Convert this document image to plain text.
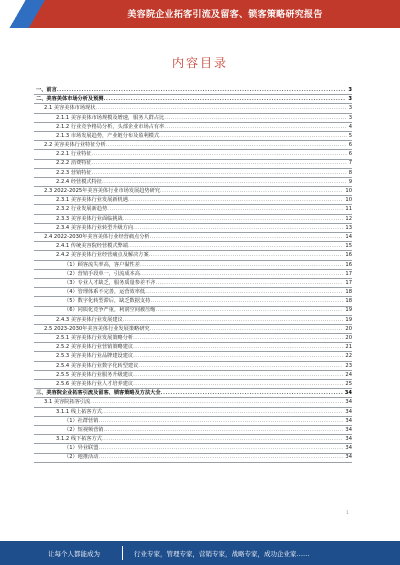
美容院企业拓客引流及留客、锁客策略研究报告
内容目录
一、前言 .....	3
二、美容美体市场分析及预测 .....	3
2.1 美容美体市场现状 .....	3
2.1.1 美容美体市场规模及增速，服务人群占比 .....	3
2.1.2 行业竞争格局分析，头部企业市场占有率 .....	4
2.1.3 市场发展趋势，产业链分布及盈利模式 .....	5
2.2 美容美体行业特征分析 .....	6
2.2.1 行业特征 .....	6
2.2.2 消费特征 .....	7
2.2.3 营销特征 .....	8
2.2.4 经营模式特征 .....	9
2.3 2022-2025年美容美体行业市场发展趋势研究 .....	10
2.3.1 美容美体行业发展新机遇 .....	10
2.3.2 行业发展新趋势 .....	11
2.3.3 美容美体行业面临挑战 .....	12
2.3.4 美容美体行业转型升级方向 .....	13
2.4 2022-2030年美容美体行业经营痛点分析 .....	14
2.4.1 传统美容院经营模式弊端 .....	15
2.4.2 美容美体行业经营痛点及解决方案 .....	16
（1）顾客流失率高，客户黏性差 .....	16
（2）营销手段单一，引流成本高 .....	17
（3）专业人才缺乏，服务质量参差不齐 .....	17
（4）管理体系不完善，运营效率低 .....	18
（5）数字化转型滞后，缺乏数据支持 .....	18
（6）同质化竞争严重，利润空间被压缩 .....	19
2.4.3 美容美体行业发展建议 .....	19
2.5 2023-2030年美容美体行业发展策略研究 .....	20
2.5.1 美容美体行业发展策略分析 .....	20
2.5.2 美容美体行业营销策略建议 .....	21
2.5.3 美容美体行业品牌建设建议 .....	22
2.5.4 美容美体行业数字化转型建议 .....	23
2.5.5 美容美体行业服务升级建议 .....	24
2.5.6 美容美体行业人才培养建议 .....	25
三、美容院企业拓客引流及留客、锁客策略及方法大全 .....	34
3.1 美容院拓客引流 .....	34
3.1.1 线上拓客方式 .....	34
（1）社群营销 .....	34
（2）短视频营销 .....	34
3.1.2 线下拓客方式 .....	34
（1）异业联盟 .....	34
（2）地推活动 .....	34
1
让每个人都能成为	行业专家，管理专家，营销专家，战略专家，成功企业家……
